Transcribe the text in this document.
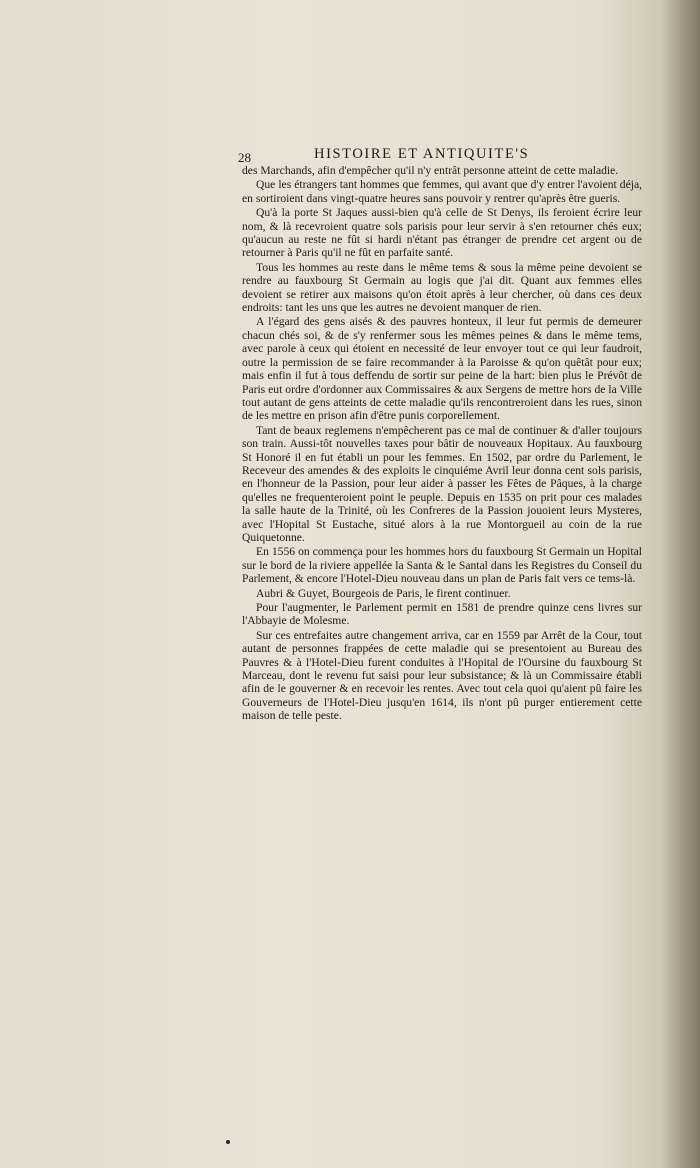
28	HISTOIRE ET ANTIQUITE'S

des Marchands, afin d'empêcher qu'il n'y entrât personne atteint de cette maladie.

Que les étrangers tant hommes que femmes, qui avant que d'y entrer l'avoient déja, en sortiroient dans vingt-quatre heures sans pouvoir y rentrer qu'après être gueris.

Qu'à la porte St Jaques aussi-bien qu'à celle de St Denys, ils feroient écrire leur nom, & là recevroient quatre sols parisis pour leur servir à s'en retourner chés eux; qu'aucun au reste ne fût si hardi n'étant pas étranger de prendre cet argent ou de retourner à Paris qu'il ne fût en parfaite santé.

Tous les hommes au reste dans le même tems & sous la même peine devoient se rendre au fauxbourg St Germain au logis que j'ai dit. Quant aux femmes elles devoient se retirer aux maisons qu'on étoit après à leur chercher, où dans ces deux endroits: tant les uns que les autres ne devoient manquer de rien.

A l'égard des gens aisés & des pauvres honteux, il leur fut permis de demeurer chacun chés soi, & de s'y renfermer sous les mêmes peines & dans le même tems, avec parole à ceux qui étoient en necessité de leur envoyer tout ce qui leur faudroit, outre la permission de se faire recommander à la Paroisse & qu'on quêtât pour eux; mais enfin il fut à tous deffendu de sortir sur peine de la hart: bien plus le Prévôt de Paris eut ordre d'ordonner aux Commissaires & aux Sergens de mettre hors de la Ville tout autant de gens atteints de cette maladie qu'ils rencontreroient dans les rues, sinon de les mettre en prison afin d'être punis corporellement.

Tant de beaux reglemens n'empêcherent pas ce mal de continuer & d'aller toujours son train. Aussi-tôt nouvelles taxes pour bâtir de nouveaux Hopitaux. Au fauxbourg St Honoré il en fut établi un pour les femmes. En 1502, par ordre du Parlement, le Receveur des amendes & des exploits le cinquiéme Avril leur donna cent sols parisis, en l'honneur de la Passion, pour leur aider à passer les Fêtes de Pâques, à la charge qu'elles ne frequenteroient point le peuple. Depuis en 1535 on prit pour ces malades la salle haute de la Trinité, où les Confreres de la Passion jouoient leurs Mysteres, avec l'Hopital St Eustache, situé alors à la rue Montorgueil au coin de la rue Quiquetonne.

En 1556 on commença pour les hommes hors du fauxbourg St Germain un Hopital sur le bord de la riviere appellée la Santa & le Santal dans les Registres du Conseil du Parlement, & encore l'Hotel-Dieu nouveau dans un plan de Paris fait vers ce tems-là.

Aubri & Guyet, Bourgeois de Paris, le firent continuer.

Pour l'augmenter, le Parlement permit en 1581 de prendre quinze cens livres sur l'Abbayie de Molesme.

Sur ces entrefaites autre changement arriva, car en 1559 par Arrêt de la Cour, tout autant de personnes frappées de cette maladie qui se presentoient au Bureau des Pauvres & à l'Hotel-Dieu furent conduites à l'Hopital de l'Oursine du fauxbourg St Marceau, dont le revenu fut saisi pour leur subsistance; & là un Commissaire établi afin de le gouverner & en recevoir les rentes. Avec tout cela quoi qu'aient pû faire les Gouverneurs de l'Hotel-Dieu jusqu'en 1614, ils n'ont pû purger entierement cette maison de telle peste.
